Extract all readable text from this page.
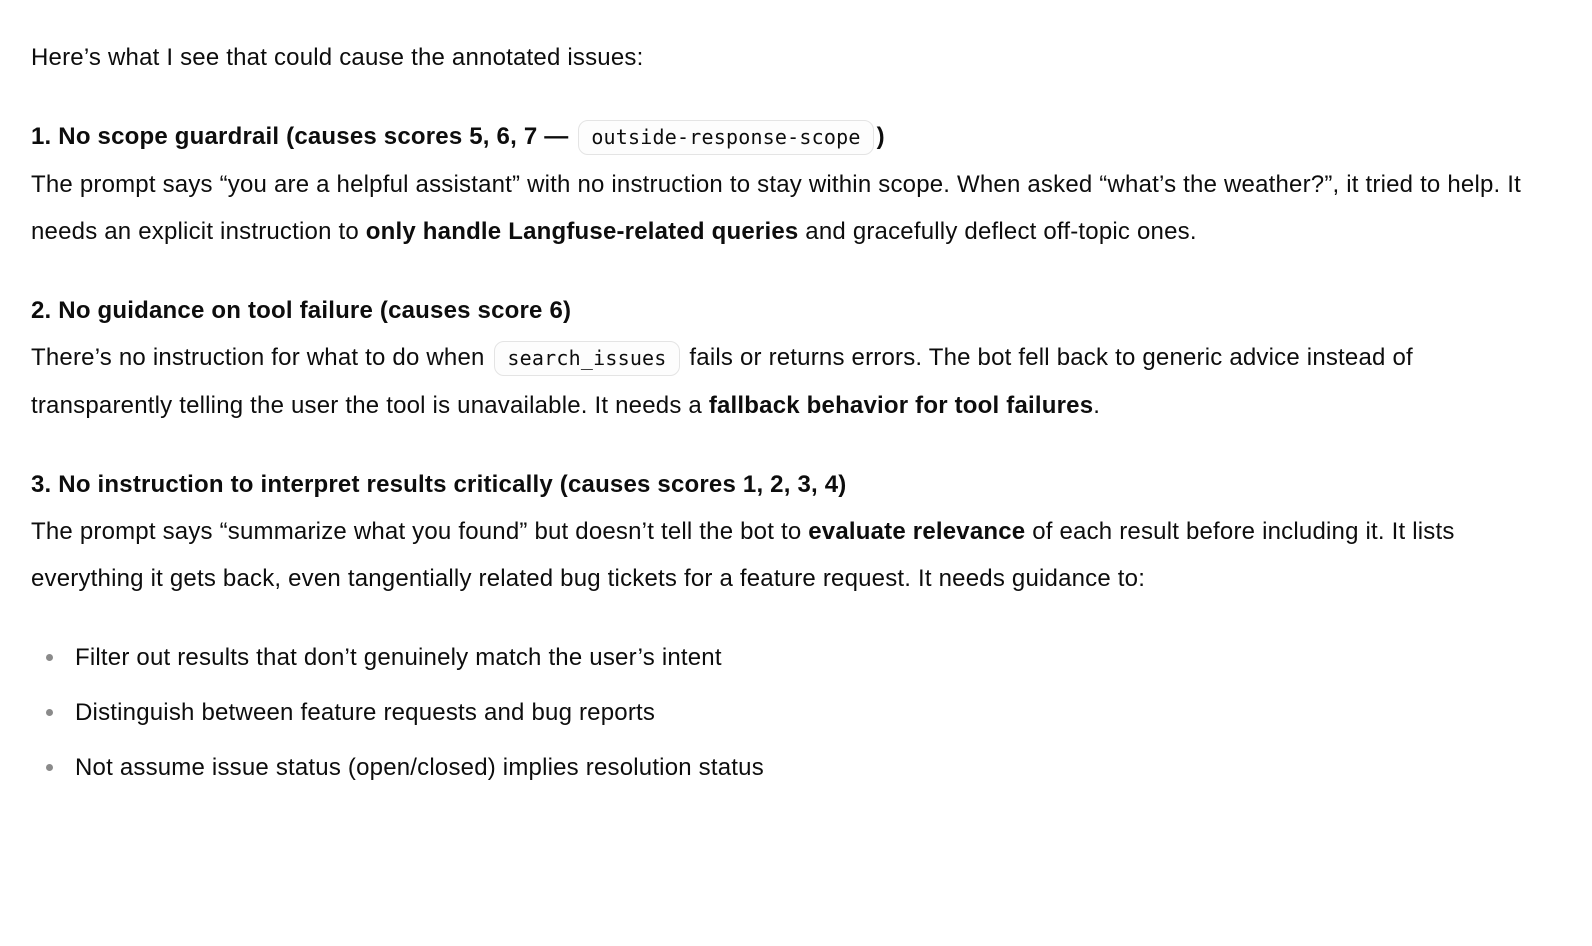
Here’s what I see that could cause the annotated issues:

1. No scope guardrail (causes scores 5, 6, 7 — outside-response-scope )
The prompt says “you are a helpful assistant” with no instruction to stay within scope. When asked “what’s the weather?”, it tried to help. It needs an explicit instruction to only handle Langfuse-related queries and gracefully deflect off-topic ones.

2. No guidance on tool failure (causes score 6)
There’s no instruction for what to do when search_issues fails or returns errors. The bot fell back to generic advice instead of transparently telling the user the tool is unavailable. It needs a fallback behavior for tool failures.

3. No instruction to interpret results critically (causes scores 1, 2, 3, 4)
The prompt says “summarize what you found” but doesn’t tell the bot to evaluate relevance of each result before including it. It lists everything it gets back, even tangentially related bug tickets for a feature request. It needs guidance to:

Filter out results that don’t genuinely match the user’s intent
Distinguish between feature requests and bug reports
Not assume issue status (open/closed) implies resolution status
